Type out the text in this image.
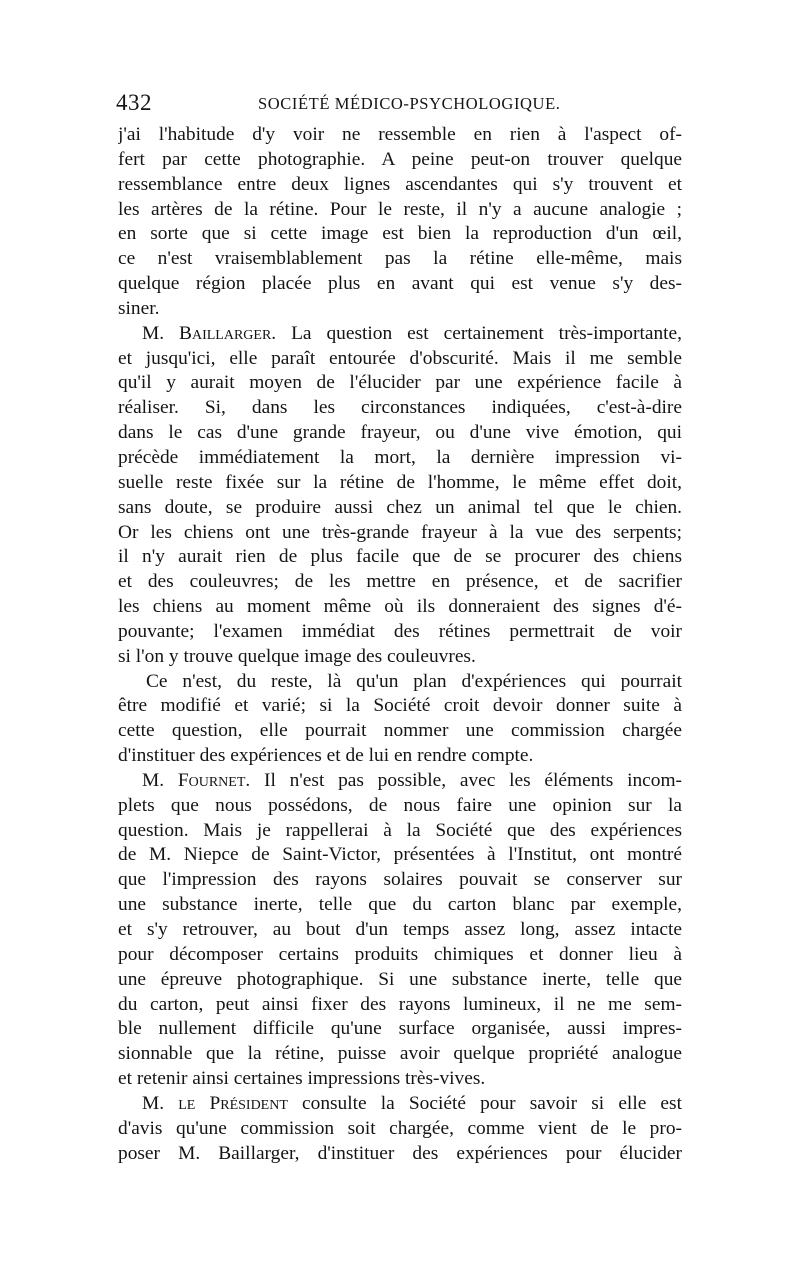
432	SOCIÉTÉ MÉDICO-PSYCHOLOGIQUE.
j'ai l'habitude d'y voir ne ressemble en rien à l'aspect of-
fert par cette photographie. A peine peut-on trouver quelque
ressemblance entre deux lignes ascendantes qui s'y trouvent et
les artères de la rétine. Pour le reste, il n'y a aucune analogie ;
en sorte que si cette image est bien la reproduction d'un œil,
ce n'est vraisemblablement pas la rétine elle-même, mais
quelque région placée plus en avant qui est venue s'y des-
siner.
M. Baillarger. La question est certainement très-importante,
et jusqu'ici, elle paraît entourée d'obscurité. Mais il me semble
qu'il y aurait moyen de l'élucider par une expérience facile à
réaliser. Si, dans les circonstances indiquées, c'est-à-dire
dans le cas d'une grande frayeur, ou d'une vive émotion, qui
précède immédiatement la mort, la dernière impression vi-
suelle reste fixée sur la rétine de l'homme, le même effet doit,
sans doute, se produire aussi chez un animal tel que le chien.
Or les chiens ont une très-grande frayeur à la vue des serpents;
il n'y aurait rien de plus facile que de se procurer des chiens
et des couleuvres; de les mettre en présence, et de sacrifier
les chiens au moment même où ils donneraient des signes d'é-
pouvante; l'examen immédiat des rétines permettrait de voir
si l'on y trouve quelque image des couleuvres.
Ce n'est, du reste, là qu'un plan d'expériences qui pourrait
être modifié et varié; si la Société croit devoir donner suite à
cette question, elle pourrait nommer une commission chargée
d'instituer des expériences et de lui en rendre compte.
M. Fournet. Il n'est pas possible, avec les éléments incom-
plets que nous possédons, de nous faire une opinion sur la
question. Mais je rappellerai à la Société que des expériences
de M. Niepce de Saint-Victor, présentées à l'Institut, ont montré
que l'impression des rayons solaires pouvait se conserver sur
une substance inerte, telle que du carton blanc par exemple,
et s'y retrouver, au bout d'un temps assez long, assez intacte
pour décomposer certains produits chimiques et donner lieu à
une épreuve photographique. Si une substance inerte, telle que
du carton, peut ainsi fixer des rayons lumineux, il ne me sem-
ble nullement difficile qu'une surface organisée, aussi impres-
sionnable que la rétine, puisse avoir quelque propriété analogue
et retenir ainsi certaines impressions très-vives.
M. le Président consulte la Société pour savoir si elle est
d'avis qu'une commission soit chargée, comme vient de le pro-
poser M. Baillarger, d'instituer des expériences pour élucider
